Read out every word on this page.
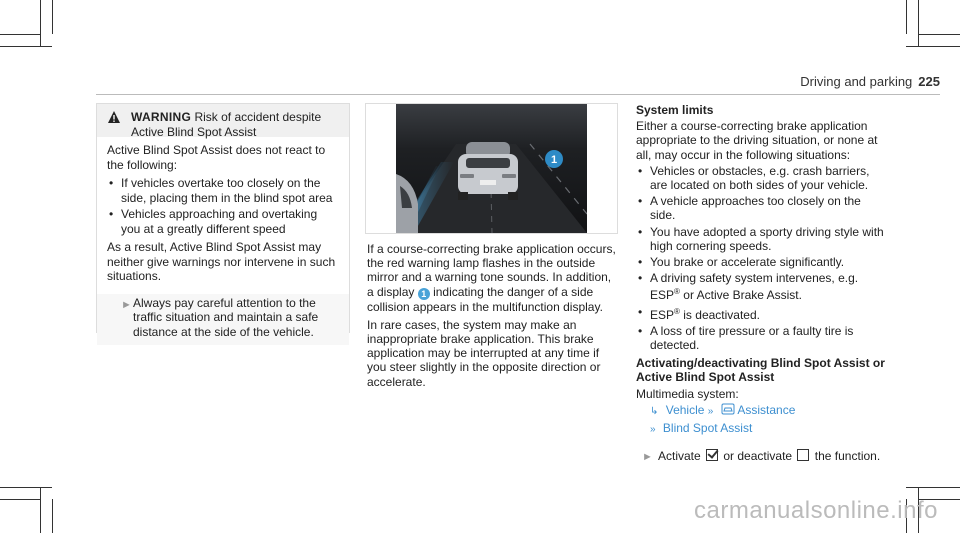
Driving and parking 225
WARNING Risk of accident despite
Active Blind Spot Assist

Active Blind Spot Assist does not react to the following:

• If vehicles overtake too closely on the side, placing them in the blind spot area
• Vehicles approaching and overtaking you at a greatly different speed

As a result, Active Blind Spot Assist may neither give warnings nor intervene in such situations.

► Always pay careful attention to the traffic situation and maintain a safe distance at the side of the vehicle.
1

If a course-correcting brake application occurs, the red warning lamp flashes in the outside mirror and a warning tone sounds. In addition, a display 1 indicating the danger of a side collision appears in the multifunction display.

In rare cases, the system may make an inappropriate brake application. This brake application may be interrupted at any time if you steer slightly in the opposite direction or accelerate.

System limits

Either a course-correcting brake application appropriate to the driving situation, or none at all, may occur in the following situations:

• Vehicles or obstacles, e.g. crash barriers, are located on both sides of your vehicle.
• A vehicle approaches too closely on the side.
• You have adopted a sporty driving style with high cornering speeds.
• You brake or accelerate significantly.
• A driving safety system intervenes, e.g. ESP® or Active Brake Assist.
• ESP® is deactivated.
• A loss of tire pressure or a faulty tire is detected.
Activating/deactivating Blind Spot Assist or Active Blind Spot Assist

Multimedia system:

↳ Vehicle » Assistance
» Blind Spot Assist
► Activate or deactivate the function.
carmanualsonline.info
